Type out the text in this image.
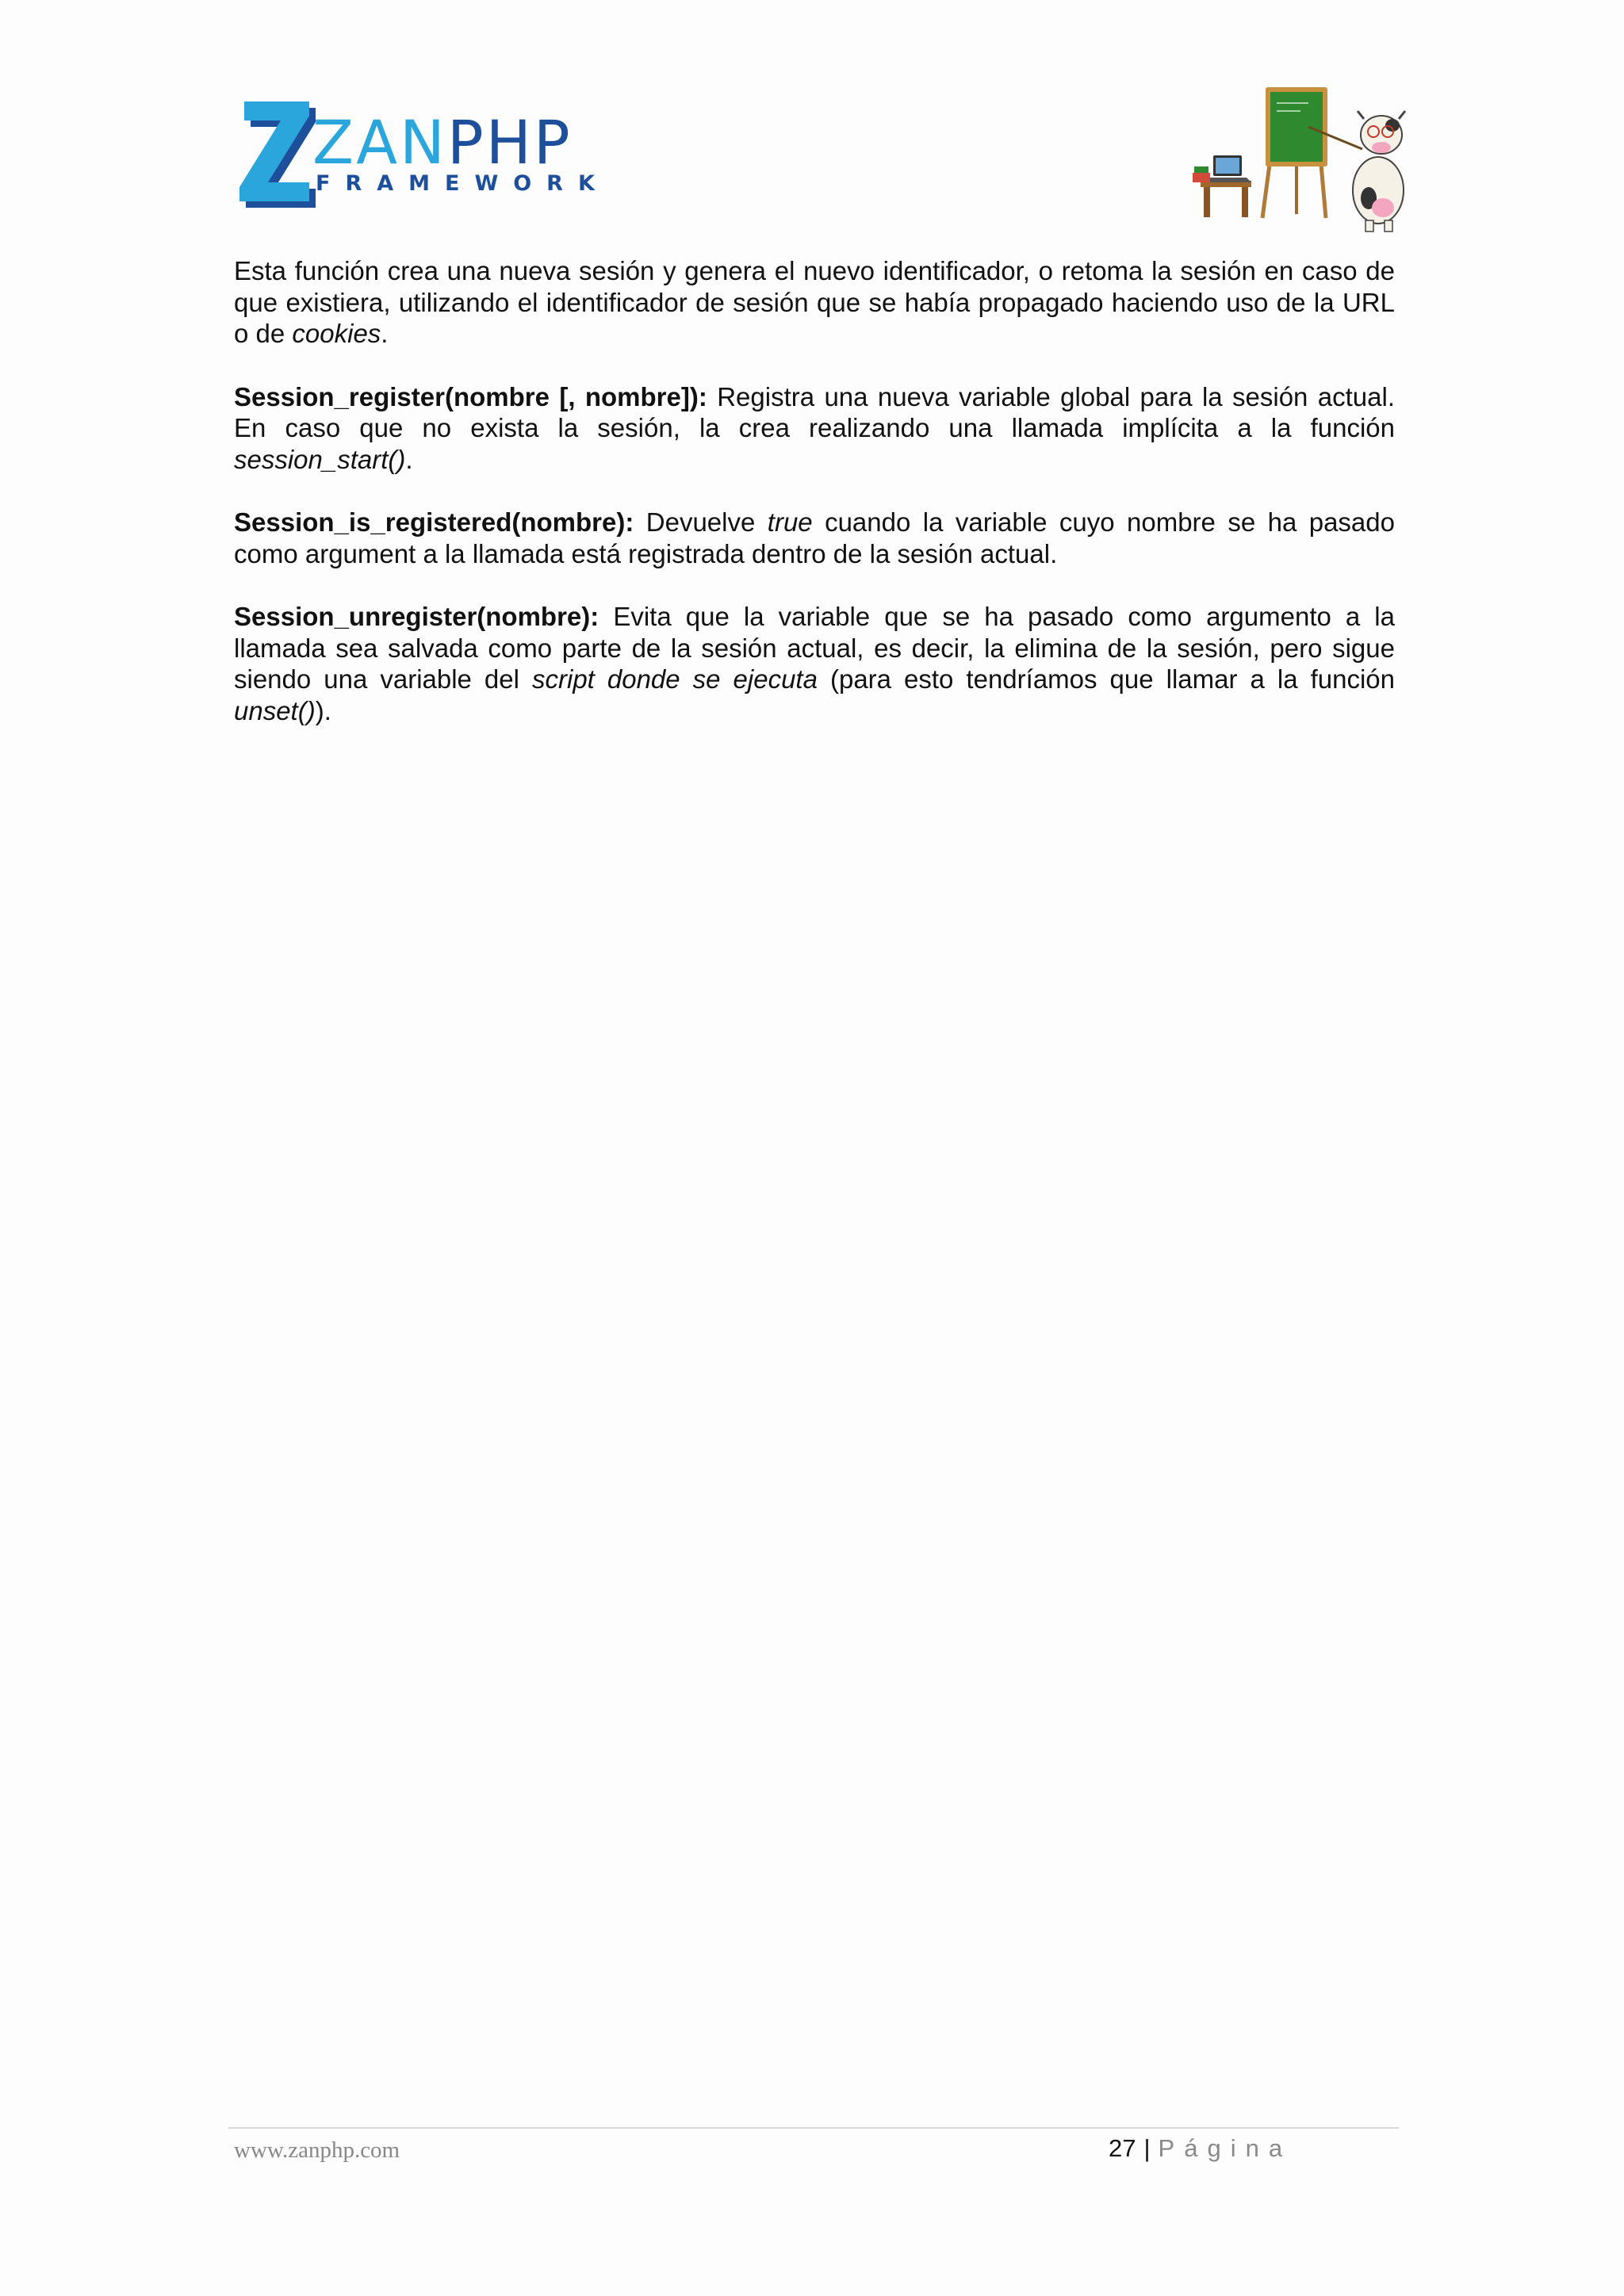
ZANPHP
FRAMEWORK

Esta función crea una nueva sesión y genera el nuevo identificador, o retoma la sesión en caso de que existiera, utilizando el identificador de sesión que se había propagado haciendo uso de la URL o de cookies.

Session_register(nombre [, nombre]): Registra una nueva variable global para la sesión actual. En caso que no exista la sesión, la crea realizando una llamada implícita a la función session_start().

Session_is_registered(nombre): Devuelve true cuando la variable cuyo nombre se ha pasado como argument a la llamada está registrada dentro de la sesión actual.

Session_unregister(nombre): Evita que la variable que se ha pasado como argumento a la llamada sea salvada como parte de la sesión actual, es decir, la elimina de la sesión, pero sigue siendo una variable del script donde se ejecuta (para esto tendríamos que llamar a la función unset()).

www.zanphp.com	27 | Página
